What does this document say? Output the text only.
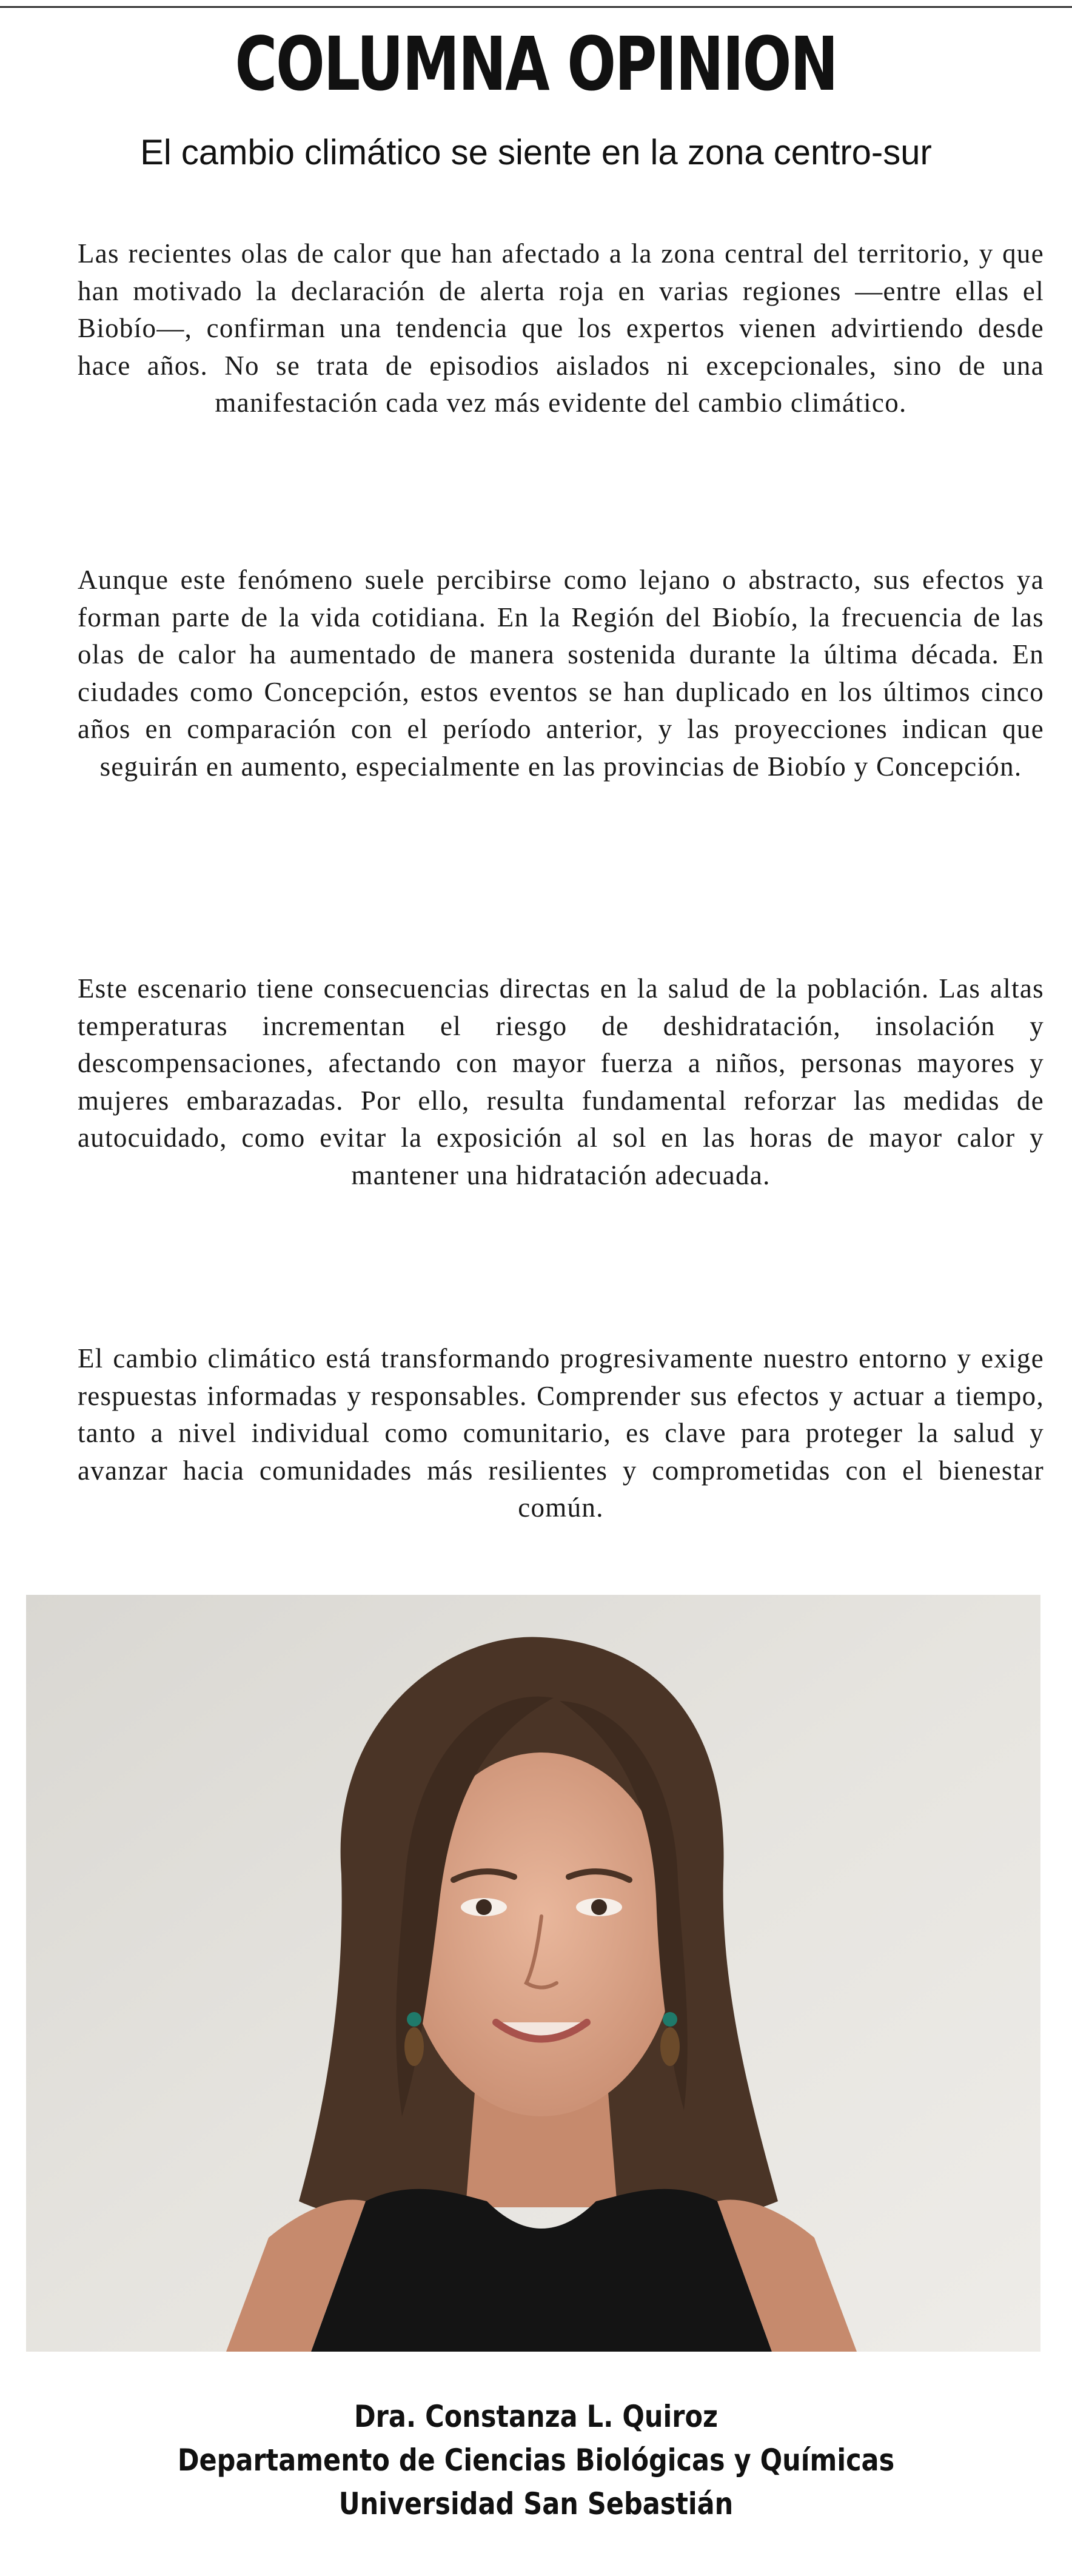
COLUMNA OPINION
El cambio climático se siente en la zona centro-sur

Las recientes olas de calor que han afectado a la zona central del territorio, y que han motivado la declaración de alerta roja en varias regiones —entre ellas el Biobío—, confirman una tendencia que los expertos vienen advirtiendo desde hace años. No se trata de episodios aislados ni excepcionales, sino de una manifestación cada vez más evidente del cambio climático.

Aunque este fenómeno suele percibirse como lejano o abstracto, sus efectos ya forman parte de la vida cotidiana. En la Región del Biobío, la frecuencia de las olas de calor ha aumentado de manera sostenida durante la última década. En ciudades como Concepción, estos eventos se han duplicado en los últimos cinco años en comparación con el período anterior, y las proyecciones indican que seguirán en aumento, especialmente en las provincias de Biobío y Concepción.

Este escenario tiene consecuencias directas en la salud de la población. Las altas temperaturas incrementan el riesgo de deshidratación, insolación y descompensaciones, afectando con mayor fuerza a niños, personas mayores y mujeres embarazadas. Por ello, resulta fundamental reforzar las medidas de autocuidado, como evitar la exposición al sol en las horas de mayor calor y mantener una hidratación adecuada.

El cambio climático está transformando progresivamente nuestro entorno y exige respuestas informadas y responsables. Comprender sus efectos y actuar a tiempo, tanto a nivel individual como comunitario, es clave para proteger la salud y avanzar hacia comunidades más resilientes y comprometidas con el bienestar común.

Dra. Constanza L. Quiroz
Departamento de Ciencias Biológicas y Químicas
Universidad San Sebastián
